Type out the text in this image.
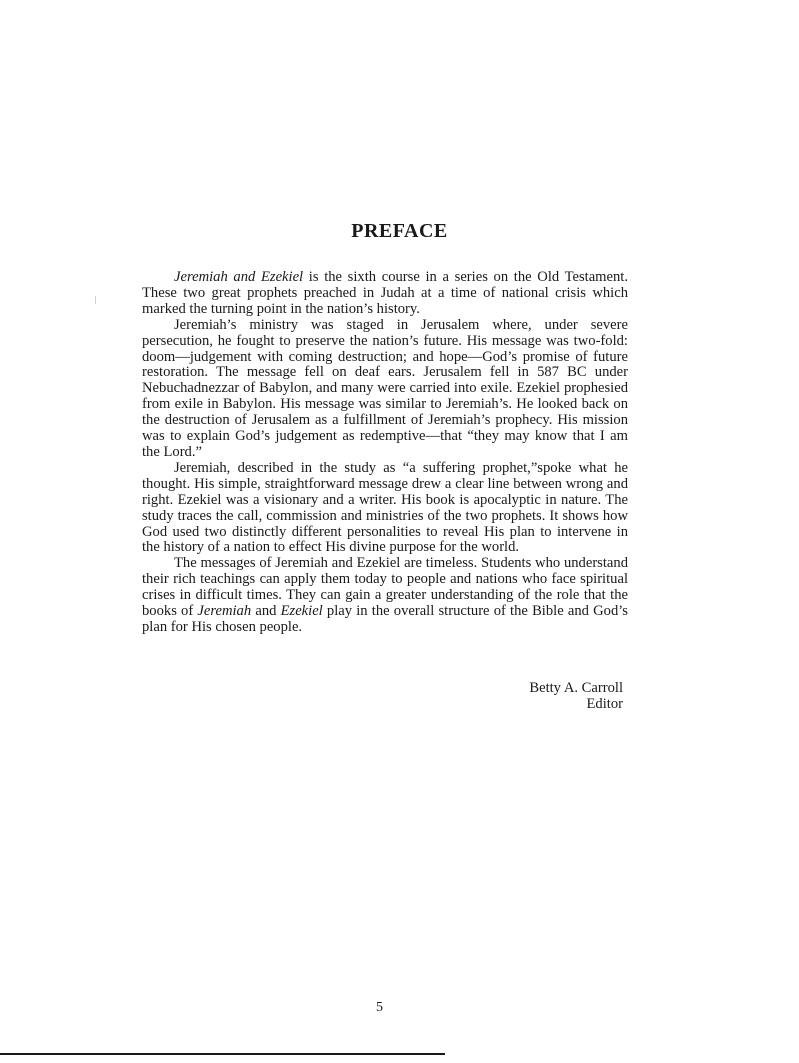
PREFACE

Jeremiah and Ezekiel is the sixth course in a series on the Old Testament. These two great prophets preached in Judah at a time of national crisis which marked the turning point in the nation’s history.

Jeremiah’s ministry was staged in Jerusalem where, under severe persecution, he fought to preserve the nation’s future. His message was two-fold: doom—judgement with coming destruction; and hope—God’s promise of future restoration. The message fell on deaf ears. Jerusalem fell in 587 BC under Nebuchadnezzar of Babylon, and many were carried into exile. Ezekiel prophesied from exile in Babylon. His message was similar to Jeremiah’s. He looked back on the destruction of Jerusalem as a fulfillment of Jeremiah’s prophecy. His mission was to explain God’s judgement as redemptive—that “they may know that I am the Lord.”

Jeremiah, described in the study as “a suffering prophet,”spoke what he thought. His simple, straightforward message drew a clear line between wrong and right. Ezekiel was a visionary and a writer. His book is apocalyptic in nature. The study traces the call, commission and ministries of the two prophets. It shows how God used two distinctly different personalities to reveal His plan to intervene in the history of a nation to effect His divine purpose for the world.

The messages of Jeremiah and Ezekiel are timeless. Students who understand their rich teachings can apply them today to people and nations who face spiritual crises in difficult times. They can gain a greater understanding of the role that the books of Jeremiah and Ezekiel play in the overall structure of the Bible and God’s plan for His chosen people.

Betty A. Carroll
Editor
5
